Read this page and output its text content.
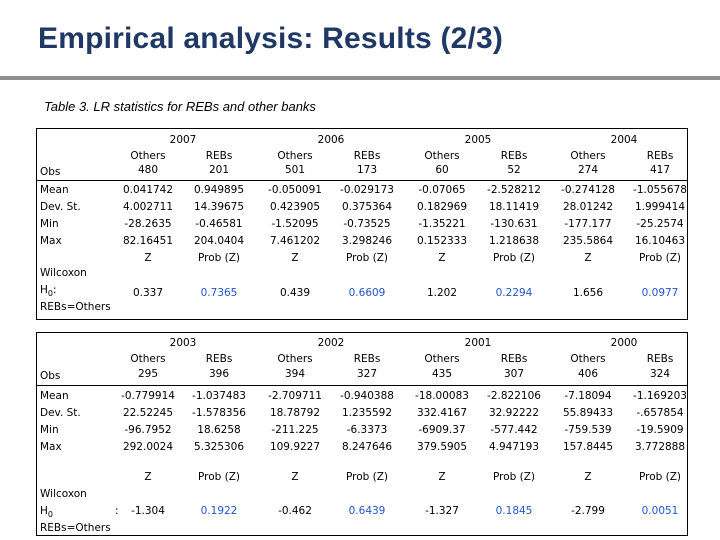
Empirical analysis: Results (2/3)
Table 3. LR statistics for REBs and other banks
2007	2006	2005	2004
Others	REBs	Others	REBs	Others	REBs	Others	REBs
Obs	480	201	501	173	60	52	274	417
Mean	0.041742 0.949895 -0.050091 -0.029173 -0.07065 -2.528212 -0.274128 -1.055678
Dev. St.	4.002711 14.39675 0.423905 0.375364 0.182969 18.11419 28.01242 1.999414
Min	-28.2635 -0.46581	-1.52095 -0.73525	-1.35221 -130.631	-177.177 -25.2574
Max	82.16451 204.0404 7.461202 3.298246 0.152333 1.218638 235.5864 16.10463
Z	Prob (Z)	Z	Prob (Z)	Z	Prob (Z)	Z	Prob (Z)
Wilcoxon
$H_0$:
REBs=Others
0.337	0.7365	0.439	0.6609	1.202	0.2294	1.656	0.0977
2003	2002	2001	2000
Others	REBs	Others	REBs	Others	REBs	Others	REBs
Obs	295	396	394	327	435	307	406	324
Mean	-0.779914 -1.037483 -2.709711 -0.940388 -18.00083 -2.822106 -7.18094 -1.169203
Dev. St.	22.52245 -1.578356 18.78792 1.235592 332.4167 32.92222 55.89433 -.657854
Min	-96.7952 18.6258	-211.225	-6.3373	-6909.37 -577.442	-759.539 -19.5909
Max	292.0024 5.325306 109.9227 8.247646 379.5905 4.947193 157.8445 3.772888
Z	Prob (Z)	Z	Prob (Z)	Z	Prob (Z)	Z	Prob (Z)
Wilcoxon
$H_0$	:
REBs=Others
-1.304	0.1922	-0.462	0.6439	-1.327	0.1845	-2.799	0.0051
